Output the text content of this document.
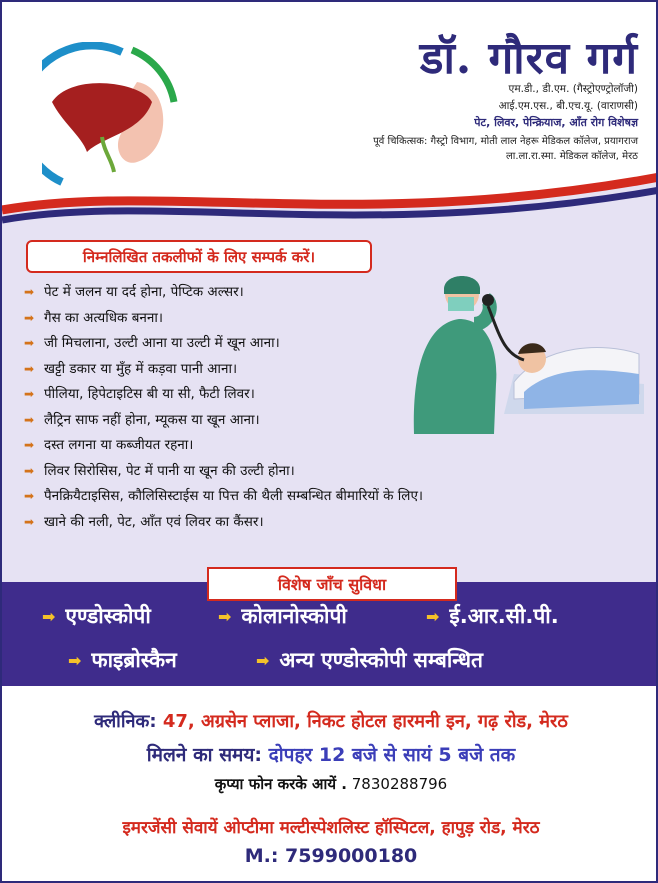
डॉ. गौरव गर्ग
एम.डी., डी.एम. (गैस्ट्रोएण्ट्रोलॉजी)
आई.एम.एस., बी.एच.यू. (वाराणसी)
पेट, लिवर, पेन्क्रियाज, आँत रोग विशेषज्ञ
पूर्व चिकित्सक: गैस्ट्रो विभाग, मोती लाल नेहरू मेडिकल कॉलेज, प्रयागराज
ला.ला.रा.स्मा. मेडिकल कॉलेज, मेरठ
निम्नलिखित तकलीफों के लिए सम्पर्क करें।
➡ पेट में जलन या दर्द होना, पेप्टिक अल्सर।
➡ गैस का अत्यधिक बनना।
➡ जी मिचलाना, उल्टी आना या उल्टी में खून आना।
➡ खट्टी डकार या मुँह में कड़वा पानी आना।
➡ पीलिया, हिपेटाइटिस बी या सी, फैटी लिवर।
➡ लैट्रिन साफ नहीं होना, म्यूकस या खून आना।
➡ दस्त लगना या कब्जीयत रहना।
➡ लिवर सिरोसिस, पेट में पानी या खून की उल्टी होना।
➡ पैनक्रियैटाइसिस, कौलिसिस्टाईस या पित्त की थैली सम्बन्धित बीमारियों के लिए।
➡ खाने की नली, पेट, आँत एवं लिवर का कैंसर।
विशेष जाँच सुविधा
➡ एण्डोस्कोपी	➡ कोलानोस्कोपी	➡ ई.आर.सी.पी.
➡ फाइब्रोस्कैन	➡ अन्य एण्डोस्कोपी सम्बन्धित
क्लीनिक: 47, अग्रसेन प्लाजा, निकट होटल हारमनी इन, गढ़ रोड, मेरठ
मिलने का समय: दोपहर 12 बजे से सायं 5 बजे तक
कृप्या फोन करके आयें . 7830288796
इमरजेंसी सेवायें ओप्टीमा मल्टीस्पेशलिस्ट हॉस्पिटल, हापुड़ रोड, मेरठ
M.: 7599000180
